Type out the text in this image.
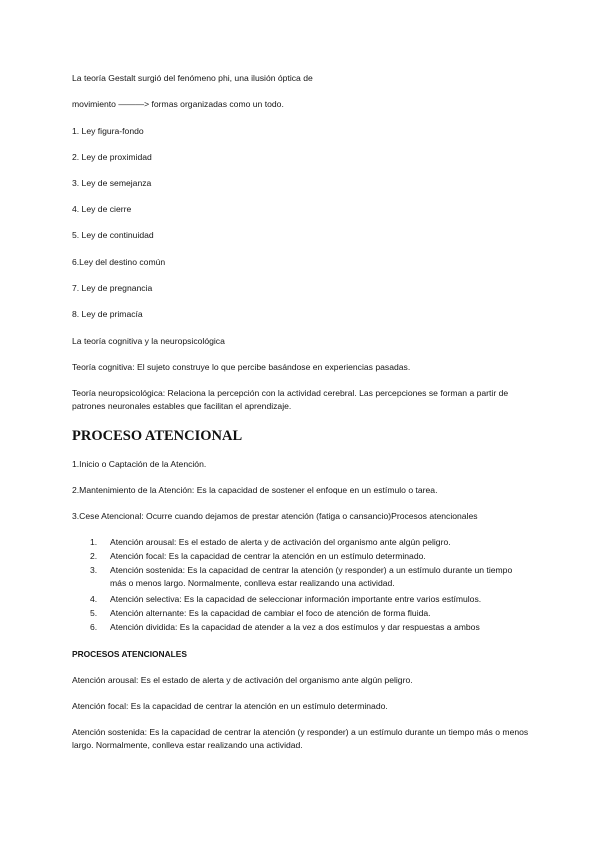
La teoría Gestalt surgió del fenómeno phi, una ilusión óptica de
movimiento ———> formas organizadas como un todo.
1. Ley figura-fondo
2. Ley de proximidad
3. Ley de semejanza
4. Ley de cierre
5. Ley de continuidad
6.Ley del destino común
7. Ley de pregnancia
8. Ley de primacía
La teoría cognitiva y la neuropsicológica
Teoría cognitiva: El sujeto construye lo que percibe basándose en experiencias pasadas.
Teoría neuropsicológica: Relaciona la percepción con la actividad cerebral. Las percepciones se forman a partir de patrones neuronales estables que facilitan el aprendizaje.
PROCESO ATENCIONAL
1.Inicio o Captación de la Atención.
2.Mantenimiento de la Atención: Es la capacidad de sostener el enfoque en un estímulo o tarea.
3.Cese Atencional: Ocurre cuando dejamos de prestar atención (fatiga o cansancio)Procesos atencionales
1. Atención arousal: Es el estado de alerta y de activación del organismo ante algún peligro.
2. Atención focal: Es la capacidad de centrar la atención en un estímulo determinado.
3. Atención sostenida: Es la capacidad de centrar la atención (y responder) a un estímulo durante un tiempo más o menos largo. Normalmente, conlleva estar realizando una actividad.
4. Atención selectiva: Es la capacidad de seleccionar información importante entre varios estímulos.
5. Atención alternante: Es la capacidad de cambiar el foco de atención de forma fluida.
6. Atención dividida: Es la capacidad de atender a la vez a dos estímulos y dar respuestas a ambos
PROCESOS ATENCIONALES
Atención arousal: Es el estado de alerta y de activación del organismo ante algún peligro.
Atención focal: Es la capacidad de centrar la atención en un estímulo determinado.
Atención sostenida: Es la capacidad de centrar la atención (y responder) a un estímulo durante un tiempo más o menos largo. Normalmente, conlleva estar realizando una actividad.
